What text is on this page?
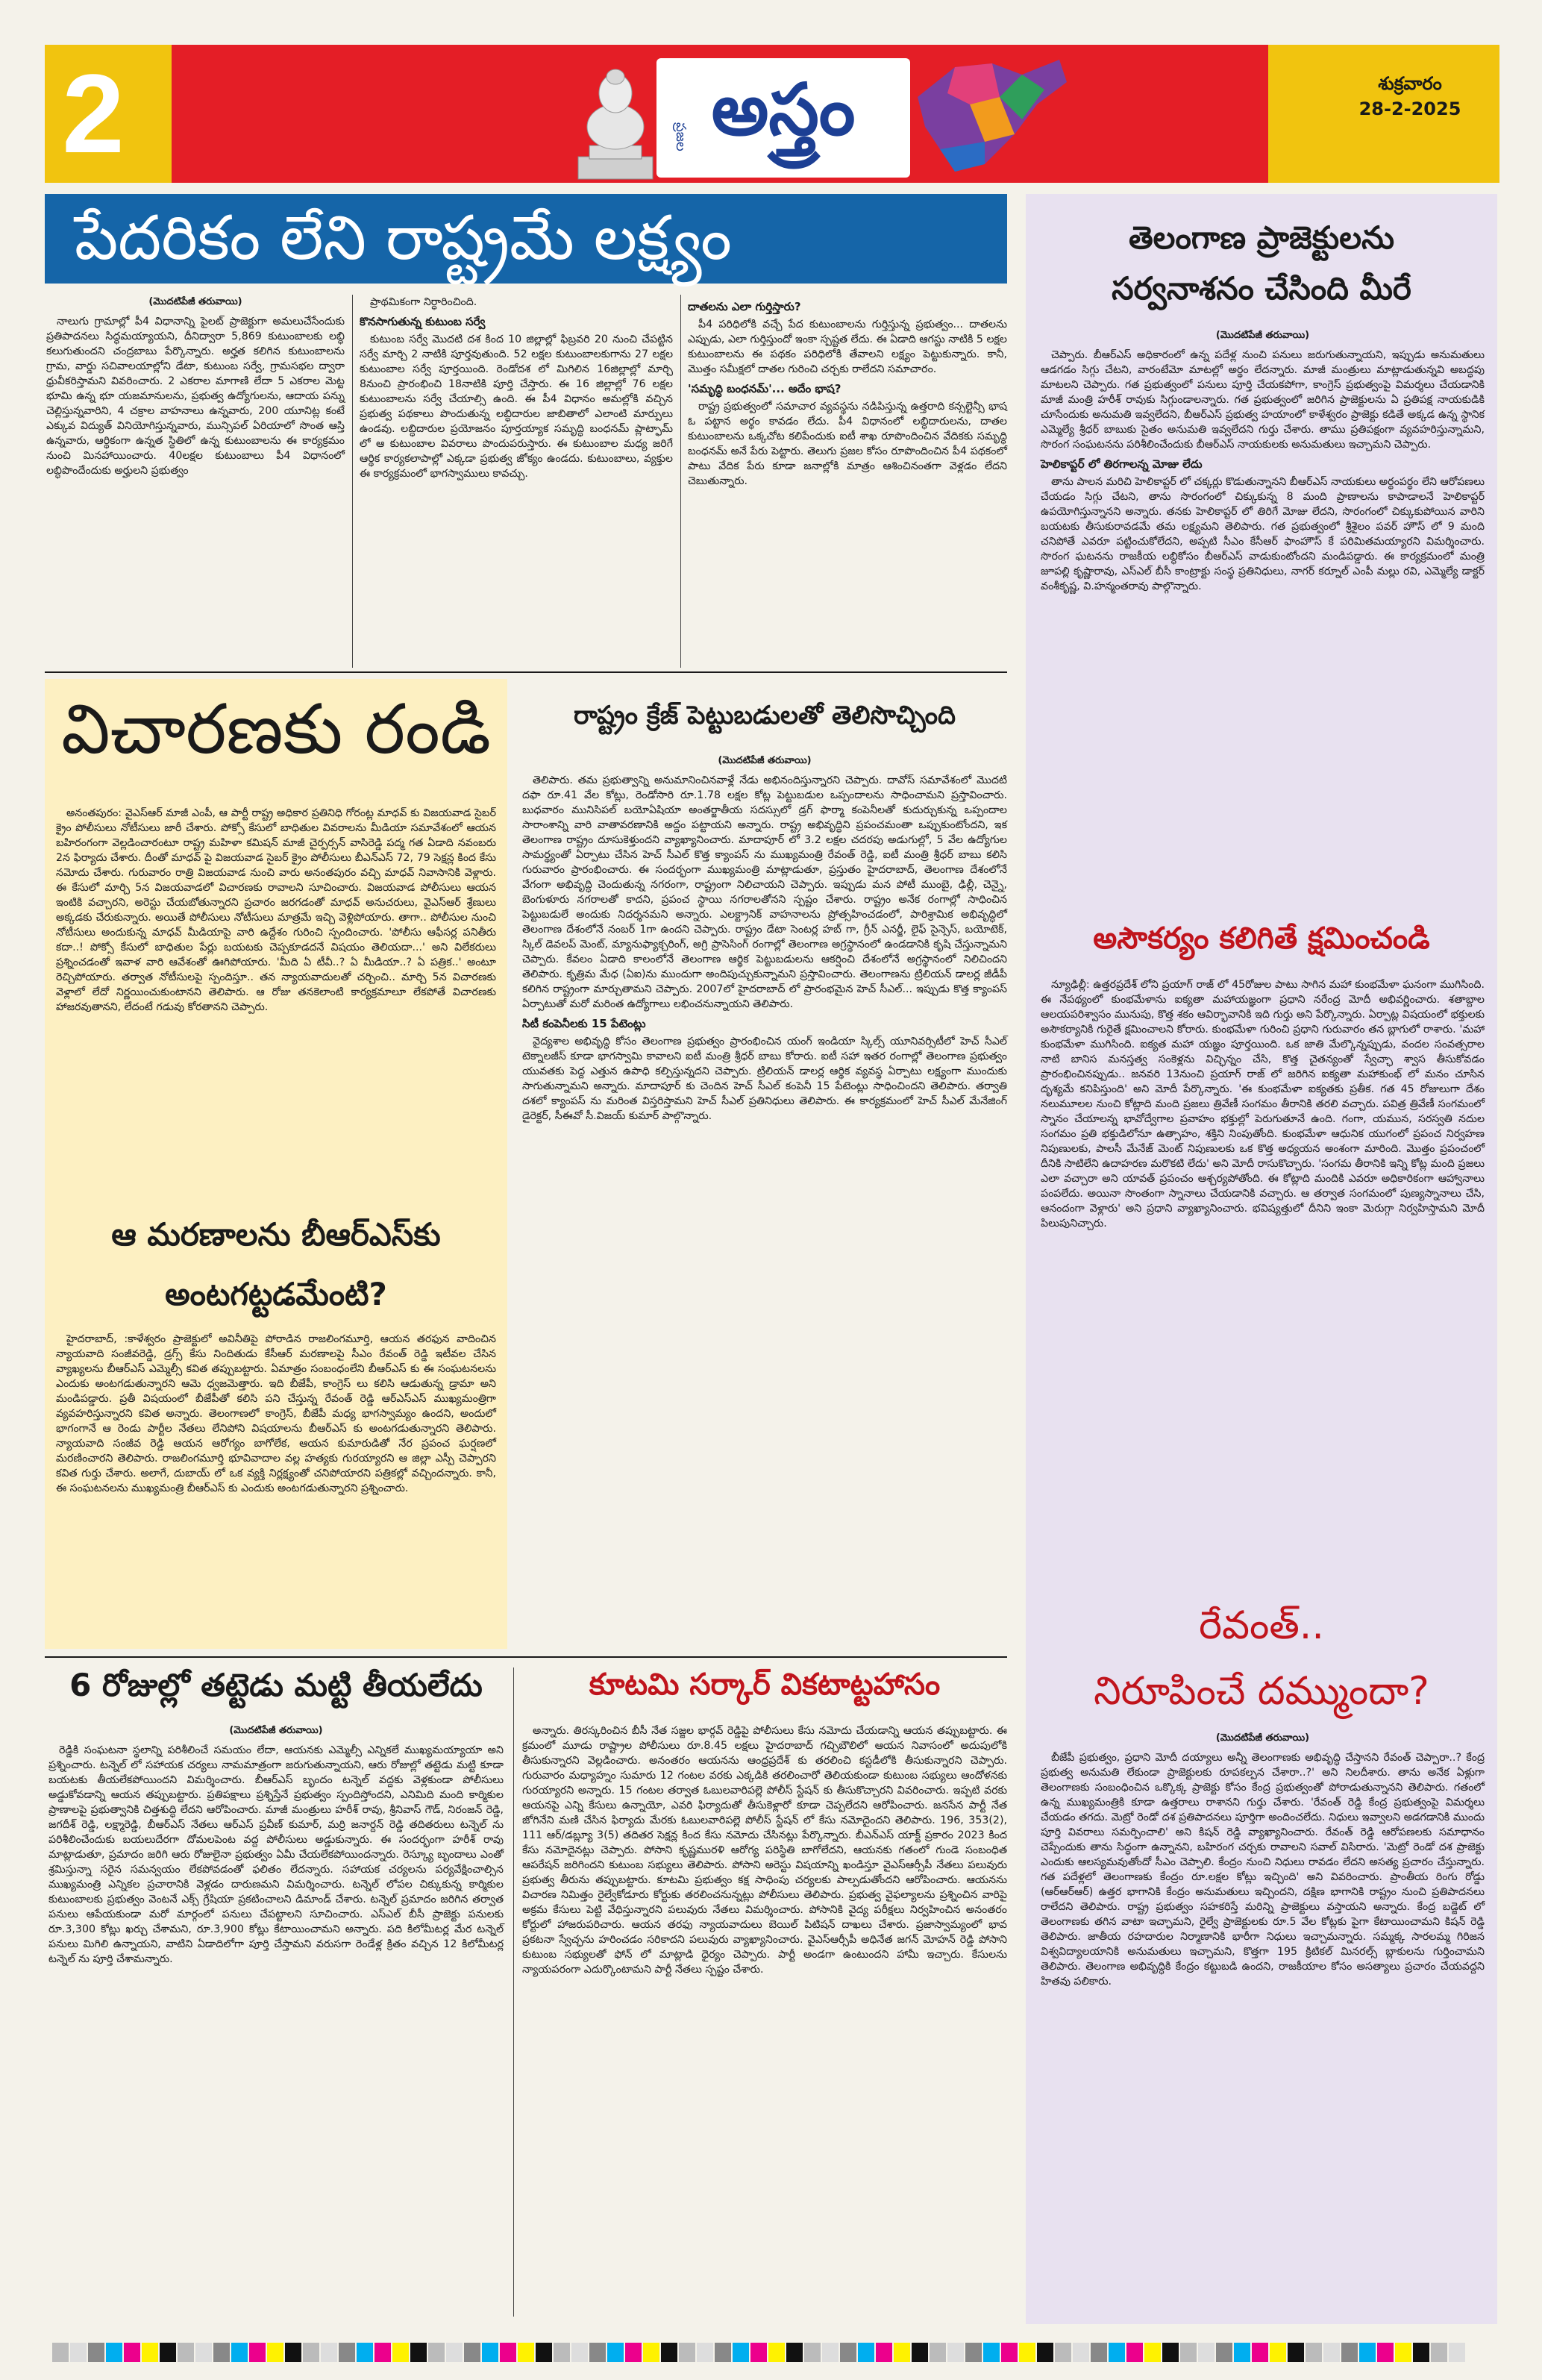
2	అస్త్రం
ప్రజల
శుక్రవారం
28-2-2025
పేదరికం లేని రాష్ట్రమే లక్ష్యం
(మొదటిపేజీ తరువాయి)

నాలుగు గ్రామాల్లో పీ4 విధానాన్ని పైలట్ ప్రాజెక్టుగా అమలుచేసేందుకు ప్రతిపాదనలు సిద్ధమయ్యాయని, దీనిద్వారా 5,869 కుటుంబాలకు లబ్ధి కలుగుతుందని చంద్రబాబు పేర్కొన్నారు. అర్హత కలిగిన కుటుంబాలను గ్రామ, వార్డు సచివాలయాల్లోని డేటా, కుటుంబ సర్వే, గ్రామసభల ద్వారా ధ్రువీకరిస్తామని వివరించారు. 2 ఎకరాల మాగాణి లేదా 5 ఎకరాల మెట్ట భూమి ఉన్న భూ యజమానులను, ప్రభుత్వ ఉద్యోగులను, ఆదాయ పన్ను చెల్లిస్తున్నవారిని, 4 చక్రాల వాహనాలు ఉన్నవారు, 200 యూనిట్ల కంటే ఎక్కువ విద్యుత్ వినియోగిస్తున్నవారు, మున్సిపల్ ఏరియాలో సొంత ఆస్తి ఉన్నవారు, ఆర్థికంగా ఉన్నత స్థితిలో ఉన్న కుటుంబాలను ఈ కార్యక్రమం నుంచి మినహాయించారు. 40లక్షల కుటుంబాలు పీ4 విధానంలో లబ్ధిపొందేందుకు అర్హులని ప్రభుత్వం

ప్రాథమికంగా నిర్ధారించింది.

కొనసాగుతున్న కుటుంబ సర్వే

కుటుంబ సర్వే మొదటి దశ కింద 10 జిల్లాల్లో ఫిబ్రవరి 20 నుంచి చేపట్టిన సర్వే మార్చి 2 నాటికి పూర్తవుతుంది. 52 లక్షల కుటుంబాలకుగాను 27 లక్షల కుటుంబాల సర్వే పూర్తయింది. రెండోదశ లో మిగిలిన 16జిల్లాల్లో మార్చి 8నుంచి ప్రారంభించి 18నాటికి పూర్తి చేస్తారు. ఈ 16 జిల్లాల్లో 76 లక్షల కుటుంబాలను సర్వే చేయాల్సి ఉంది. ఈ పీ4 విధానం అమల్లోకి వచ్చిన ప్రభుత్వ పథకాలు పొందుతున్న లబ్ధిదారుల జాబితాలో ఎలాంటి మార్పులు ఉండవు. లబ్ధిదారుల ప్రయోజనం పూర్తయ్యాక సమృద్ధి బంధనమ్ ప్లాట్ఫామ్ లో ఆ కుటుంబాల వివరాలు పొందుపరుస్తారు. ఈ కుటుంబాల మధ్య జరిగే ఆర్థిక కార్యకలాపాల్లో ఎక్కడా ప్రభుత్వ జోక్యం ఉండదు. కుటుంబాలు, వ్యక్తుల ఈ కార్యక్రమంలో భాగస్వాములు కావచ్చు.

దాతలను ఎలా గుర్తిస్తారు?

పీ4 పరిధిలోకి వచ్చే పేద కుటుంబాలను గుర్తిస్తున్న ప్రభుత్వం... దాతలను ఎప్పుడు, ఎలా గుర్తిస్తుందో ఇంకా స్పష్టత లేదు. ఈ ఏడాది ఆగస్టు నాటికి 5 లక్షల కుటుంబాలను ఈ పథకం పరిధిలోకి తేవాలని లక్ష్యం పెట్టుకున్నారు. కానీ, మొత్తం సమీక్షలో దాతల గురించి చర్చకు రాలేదని సమాచారం.

'సమృద్ధి బంధనమ్'... అదేం భాష?

రాష్ట్ర ప్రభుత్వంలో సమాచార వ్యవస్థను నడిపిస్తున్న ఉత్తరాది కన్సల్టెన్సీ భాష ఓ పట్టాన అర్థం కావడం లేదు. పీ4 విధానంలో లబ్ధిదారులను, దాతల కుటుంబాలను ఒక్కచోట కలిపేందుకు ఐటీ శాఖ రూపొందించిన వేదికకు సమృద్ధి బంధనమ్ అనే పేరు పెట్టారు. తెలుగు ప్రజల కోసం రూపొందించిన పీ4 పథకంలో పాటు వేదిక పేరు కూడా జనాల్లోకి మాత్రం ఆశించినంతగా వెళ్లడం లేదని చెబుతున్నారు.

విచారణకు రండి

అనంతపురం: వైఎస్ఆర్ మాజీ ఎంపీ, ఆ పార్టీ రాష్ట్ర అధికార ప్రతినిధి గోరంట్ల మాధవ్ కు విజయవాడ సైబర్ క్రైం పోలీసులు నోటీసులు జారీ చేశారు. పోక్సో కేసులో బాధితుల వివరాలను మీడియా సమావేశంలో ఆయన బహిరంగంగా వెల్లడించారంటూ రాష్ట్ర మహిళా కమిషన్ మాజీ చైర్పర్సన్ వాసిరెడ్డి పద్మ గత ఏడాది నవంబరు 2న ఫిర్యాదు చేశారు. దీంతో మాధవ్ పై విజయవాడ సైబర్ క్రైం పోలీసులు బీఎన్ఎస్ 72, 79 సెక్షన్ల కింద కేసు నమోదు చేశారు. గురువారం రాత్రి విజయవాడ నుంచి వారు అనంతపురం వచ్చి మాధవ్ నివాసానికి వెళ్లారు. ఈ కేసులో మార్చి 5న విజయవాడలో విచారణకు రావాలని సూచించారు. విజయవాడ పోలీసులు ఆయన ఇంటికి వచ్చారని, అరెస్టు చేయబోతున్నారని ప్రచారం జరగడంతో మాధవ్ అనుచరులు, వైఎస్ఆర్ శ్రేణులు అక్కడకు చేరుకున్నారు. అయితే పోలీసులు నోటీసులు మాత్రమే ఇచ్చి వెళ్లిపోయారు. తాగా.. పోలీసుల నుంచి నోటీసులు అందుకున్న మాధవ్ మీడియాపై వారి ఉద్దేశం గురించి స్పందించారు. 'పోలీసు ఆఫీసర్ల పనితీరు కదా..! పోక్సో కేసులో బాధితుల పేర్లు బయటకు చెప్పకూడదనే విషయం తెలియదా...' అని విలేకరులు ప్రశ్నించడంతో ఇవాళ వారి ఆవేశంతో ఊగిపోయారు. 'మీది ఏ టీవీ..? ఏ మీడియా..? ఏ పత్రిక..' అంటూ రెచ్చిపోయారు. తర్వాత నోటీసులపై స్పందిస్తూ.. తన న్యాయవాదులతో చర్చించి.. మార్చి 5న విచారణకు వెళ్లాలో లేదో నిర్ణయించుకుంటానని తెలిపారు. ఆ రోజు తనకెలాంటి కార్యక్రమాలూ లేకపోతే విచారణకు హాజరవుతానని, లేదంటే గడువు కోరతానని చెప్పారు.

ఆ మరణాలను బీఆర్ఎస్‌కు
అంటగట్టడమేంటి?

హైదరాబాద్, :కాళేశ్వరం ప్రాజెక్టులో అవినీతిపై పోరాడిన రాజలింగమూర్తి, ఆయన తరఫున వాదించిన న్యాయవాది సంజీవరెడ్డి, డ్రగ్స్ కేసు నిందితుడు కేసీఆర్ మరణాలపై సీఎం రేవంత్ రెడ్డి ఇటీవల చేసిన వ్యాఖ్యలను బీఆర్ఎస్ ఎమ్మెల్సీ కవిత తప్పుబట్టారు. ఏమాత్రం సంబంధంలేని బీఆర్ఎస్ కు ఈ సంఘటనలను ఎందుకు అంటగడుతున్నారని ఆమె ధ్వజమెత్తారు. ఇది బీజేపీ, కాంగ్రెస్ లు కలిసి ఆడుతున్న డ్రామా అని మండిపడ్డారు. ప్రతీ విషయంలో బీజేపీతో కలిసి పని చేస్తున్న రేవంత్ రెడ్డి ఆర్ఎస్ఎస్ ముఖ్యమంత్రిగా వ్యవహరిస్తున్నారని కవిత అన్నారు. తెలంగాణలో కాంగ్రెస్, బీజేపీ మధ్య భాగస్వామ్యం ఉందని, అందులో భాగంగానే ఆ రెండు పార్టీల నేతలు లేనిపోని విషయాలను బీఆర్ఎస్ కు అంటగడుతున్నారని తెలిపారు. న్యాయవాది సంజీవ రెడ్డి ఆయన ఆరోగ్యం బాగోలేక, ఆయన కుమారుడితో నేర ప్రపంచ ఘర్షణలో మరణించారని తెలిపారు. రాజలింగమూర్తి భూవివాదాల వల్ల హత్యకు గురయ్యారని ఆ జిల్లా ఎస్పీ చెప్పారని కవిత గుర్తు చేశారు. అలాగే, దుబాయ్ లో ఒక వ్యక్తి నిర్లక్ష్యంతో చనిపోయారని పత్రికల్లో వచ్చిందన్నారు. కానీ, ఈ సంఘటనలను ముఖ్యమంత్రి బీఆర్ఎస్ కు ఎందుకు అంటగడుతున్నారని ప్రశ్నించారు.

రాష్ట్రం క్రేజ్ పెట్టుబడులతో తెలిసొచ్చింది
(మొదటిపేజీ తరువాయి)

తెలిపారు. తమ ప్రభుత్వాన్ని అనుమానించినవాళ్లే నేడు అభినందిస్తున్నారని చెప్పారు. దావోస్ సమావేశంలో మొదటి దఫా రూ.41 వేల కోట్లు, రెండోసారి రూ.1.78 లక్షల కోట్ల పెట్టుబడుల ఒప్పందాలను సాధించామని ప్రస్తావించారు. బుధవారం మునిసిపల్ బయోఏషియా అంతర్జాతీయ సదస్సులో డ్రగ్ ఫార్మా కంపెనీలతో కుదుర్చుకున్న ఒప్పందాల సారాంశాన్ని వారి వాతావరణానికి అద్దం పట్టాయని అన్నారు. రాష్ట్ర అభివృద్ధిని ప్రపంచమంతా ఒప్పుకుంటోందని, ఇక తెలంగాణ రాష్ట్రం దూసుకెళ్తుందని వ్యాఖ్యానించారు. మాదాపూర్ లో 3.2 లక్షల చదరపు అడుగుల్లో, 5 వేల ఉద్యోగుల సామర్థ్యంతో ఏర్పాటు చేసిన హెచ్ సీఎల్ కొత్త క్యాంపస్ ను ముఖ్యమంత్రి రేవంత్ రెడ్డి, ఐటీ మంత్రి శ్రీధర్ బాబు కలిసి గురువారం ప్రారంభించారు. ఈ సందర్భంగా ముఖ్యమంత్రి మాట్లాడుతూ, ప్రస్తుతం హైదరాబాద్, తెలంగాణ దేశంలోనే వేగంగా అభివృద్ధి చెందుతున్న నగరంగా, రాష్ట్రంగా నిలిచాయని చెప్పారు. ఇప్పుడు మన పోటీ ముంబై, ఢిల్లీ, చెన్నై, బెంగుళూరు నగరాలతో కాదని, ప్రపంచ స్థాయి నగరాలతోనని స్పష్టం చేశారు. రాష్ట్రం అనేక రంగాల్లో సాధించిన పెట్టుబడులే అందుకు నిదర్శనమని అన్నారు. ఎలక్ట్రానిక్ వాహనాలను ప్రోత్సహించడంలో, పారిశ్రామిక అభివృద్ధిలో తెలంగాణ దేశంలోనే నంబర్ 1గా ఉందని చెప్పారు. రాష్ట్రం డేటా సెంటర్ల హబ్ గా, గ్రీన్ ఎనర్జీ, లైఫ్ సైన్సెస్, బయోటెక్, స్కిల్ డెవలప్ మెంట్, మ్యానుఫ్యాక్చరింగ్, అగ్రి ప్రాసెసింగ్ రంగాల్లో తెలంగాణ అగ్రస్థానంలో ఉండడానికి కృషి చేస్తున్నామని చెప్పారు. కేవలం ఏడాది కాలంలోనే తెలంగాణ ఆర్థిక పెట్టుబడులను ఆకర్షించి దేశంలోనే అగ్రస్థానంలో నిలిచిందని తెలిపారు. కృత్రిమ మేధ (ఏఐ)ను ముందుగా అందిపుచ్చుకున్నామని ప్రస్తావించారు. తెలంగాణను ట్రిలియన్ డాలర్ల జీడీపీ కలిగిన రాష్ట్రంగా మార్చుతామని చెప్పారు. 2007లో హైదరాబాద్ లో ప్రారంభమైన హెచ్ సీఎల్... ఇప్పుడు కొత్త క్యాంపస్ ఏర్పాటుతో మరో మరింత ఉద్యోగాలు లభించనున్నాయని తెలిపారు.

సిటీ కంపెనీలకు 15 పేటెంట్లు

వైద్యశాల అభివృద్ధి కోసం తెలంగాణ ప్రభుత్వం ప్రారంభించిన యంగ్ ఇండియా స్కిల్స్ యూనివర్సిటీలో హెచ్ సీఎల్ టెక్నాలజీస్ కూడా భాగస్వామి కావాలని ఐటీ మంత్రి శ్రీధర్ బాబు కోరారు. ఐటీ సహా ఇతర రంగాల్లో తెలంగాణ ప్రభుత్వం యువతకు పెద్ద ఎత్తున ఉపాధి కల్పిస్తున్నదని చెప్పారు. ట్రిలియన్ డాలర్ల ఆర్థిక వ్యవస్థ ఏర్పాటు లక్ష్యంగా ముందుకు సాగుతున్నామని అన్నారు. మాదాపూర్ కు చెందిన హెచ్ సీఎల్ కంపెనీ 15 పేటెంట్లు సాధించిందని తెలిపారు. తర్వాతి దశలో క్యాంపస్ ను మరింత విస్తరిస్తామని హెచ్ సీఎల్ ప్రతినిధులు తెలిపారు. ఈ కార్యక్రమంలో హెచ్ సీఎల్ మేనేజింగ్ డైరెక్టర్, సీఈవో సీ.విజయ్ కుమార్ పాల్గొన్నారు.

6 రోజుల్లో తట్టెడు మట్టి తీయలేదు
(మొదటిపేజీ తరువాయి)

రెడ్డికి సంఘటనా స్థలాన్ని పరిశీలించే సమయం లేదా, ఆయనకు ఎమ్మెల్సీ ఎన్నికలే ముఖ్యమయ్యాయా అని ప్రశ్నించారు. టన్నెల్ లో సహాయక చర్యలు నామమాత్రంగా జరుగుతున్నాయని, ఆరు రోజుల్లో తట్టెడు మట్టి కూడా బయటకు తీయలేకపోయిందని విమర్శించారు. బీఆర్ఎస్ బృందం టన్నెల్ వద్దకు వెళ్లకుండా పోలీసులు అడ్డుకోవడాన్ని ఆయన తప్పుబట్టారు. ప్రతిపక్షాలు ప్రశ్నిస్తేనే ప్రభుత్వం స్పందిస్తోందని, ఎనిమిది మంది కార్మికుల ప్రాణాలపై ప్రభుత్వానికి చిత్తశుద్ధి లేదని ఆరోపించారు. మాజీ మంత్రులు హరీశ్ రావు, శ్రీనివాస్ గౌడ్, నిరంజన్ రెడ్డి, జగదీశ్ రెడ్డి, లక్ష్మారెడ్డి, బీఆర్ఎస్ నేతలు ఆర్ఎస్ ప్రవీణ్ కుమార్, మర్రి జనార్దన్ రెడ్డి తదితరులు టన్నెల్ ను పరిశీలించేందుకు బయలుదేరగా దోమలపెంట వద్ద పోలీసులు అడ్డుకున్నారు. ఈ సందర్భంగా హరీశ్ రావు మాట్లాడుతూ, ప్రమాదం జరిగి ఆరు రోజులైనా ప్రభుత్వం ఏమీ చేయలేకపోయిందన్నారు. రెస్క్యూ బృందాలు ఎంతో శ్రమిస్తున్నా సరైన సమన్వయం లేకపోవడంతో ఫలితం లేదన్నారు. సహాయక చర్యలను పర్యవేక్షించాల్సిన ముఖ్యమంత్రి ఎన్నికల ప్రచారానికి వెళ్లడం దారుణమని విమర్శించారు. టన్నెల్ లోపల చిక్కుకున్న కార్మికుల కుటుంబాలకు ప్రభుత్వం వెంటనే ఎక్స్ గ్రేషియా ప్రకటించాలని డిమాండ్ చేశారు. టన్నెల్ ప్రమాదం జరిగిన తర్వాత పనులు ఆపేయకుండా మరో మార్గంలో పనులు చేపట్టాలని సూచించారు. ఎస్ఎల్ బీసీ ప్రాజెక్టు పనులకు రూ.3,300 కోట్లు ఖర్చు చేశామని, రూ.3,900 కోట్లు కేటాయించామని అన్నారు. పది కిలోమీటర్ల మేర టన్నెల్ పనులు మిగిలి ఉన్నాయని, వాటిని ఏడాదిలోగా పూర్తి చేస్తామని వరుసగా రెండేళ్ల క్రితం వచ్చిన 12 కిలోమీటర్ల టన్నెల్ ను పూర్తి చేశామన్నారు.

కూటమి సర్కార్ వికటాట్టహాసం

అన్నారు. తిరస్కరించిన బీసీ నేత సజ్జల భార్గవ్ రెడ్డిపై పోలీసులు కేసు నమోదు చేయడాన్ని ఆయన తప్పుబట్టారు. ఈ క్రమంలో మూడు రాష్ట్రాల పోలీసులు రూ.8.45 లక్షలు హైదరాబాద్ గచ్చిబౌలిలో ఆయన నివాసంలో అదుపులోకి తీసుకున్నారని వెల్లడించారు. అనంతరం ఆయనను ఆంధ్రప్రదేశ్ కు తరలించి కస్టడీలోకి తీసుకున్నారని చెప్పారు. గురువారం మధ్యాహ్నం సుమారు 12 గంటల వరకు ఎక్కడికి తరలించారో తెలియకుండా కుటుంబ సభ్యులు ఆందోళనకు గురయ్యారని అన్నారు. 15 గంటల తర్వాత ఓబులవారిపల్లె పోలీస్ స్టేషన్ కు తీసుకొచ్చారని వివరించారు. ఇప్పటి వరకు ఆయనపై ఎన్ని కేసులు ఉన్నాయో, ఎవరి ఫిర్యాదుతో తీసుకెళ్లారో కూడా చెప్పలేదని ఆరోపించారు. జనసేన పార్టీ నేత జోగినేని మణి చేసిన ఫిర్యాదు మేరకు ఓబులవారిపల్లె పోలీస్ స్టేషన్ లో కేసు నమోదైందని తెలిపారు. 196, 353(2), 111 ఆర్/డబ్ల్యూ 3(5) తదితర సెక్షన్ల కింద కేసు నమోదు చేసినట్లు పేర్కొన్నారు. బీఎన్ఎస్ యాక్ట్ ప్రకారం 2023 కింద కేసు నమోదైనట్లు చెప్పారు. పోసాని కృష్ణమురళి ఆరోగ్య పరిస్థితి బాగోలేదని, ఆయనకు గతంలో గుండె సంబంధిత ఆపరేషన్ జరిగిందని కుటుంబ సభ్యులు తెలిపారు. పోసాని అరెస్టు విషయాన్ని ఖండిస్తూ వైఎస్ఆర్సీపీ నేతలు పలువురు ప్రభుత్వ తీరును తప్పుబట్టారు. కూటమి ప్రభుత్వం కక్ష సాధింపు చర్యలకు పాల్పడుతోందని ఆరోపించారు. ఆయనను విచారణ నిమిత్తం రైల్వేకోడూరు కోర్టుకు తరలించనున్నట్లు పోలీసులు తెలిపారు. ప్రభుత్వ వైఫల్యాలను ప్రశ్నించిన వారిపై అక్రమ కేసులు పెట్టి వేధిస్తున్నారని పలువురు నేతలు విమర్శించారు. పోసానికి వైద్య పరీక్షలు నిర్వహించిన అనంతరం కోర్టులో హాజరుపరిచారు. ఆయన తరఫు న్యాయవాదులు బెయిల్ పిటిషన్ దాఖలు చేశారు. ప్రజాస్వామ్యంలో భావ ప్రకటనా స్వేచ్ఛను హరించడం సరికాదని పలువురు వ్యాఖ్యానించారు. వైఎస్ఆర్సీపీ అధినేత జగన్ మోహన్ రెడ్డి పోసాని కుటుంబ సభ్యులతో ఫోన్ లో మాట్లాడి ధైర్యం చెప్పారు. పార్టీ అండగా ఉంటుందని హామీ ఇచ్చారు. కేసులను న్యాయపరంగా ఎదుర్కొంటామని పార్టీ నేతలు స్పష్టం చేశారు.

తెలంగాణ ప్రాజెక్టులను
సర్వనాశనం చేసింది మీరే
(మొదటిపేజీ తరువాయి)

చెప్పారు. బీఆర్ఎస్ అధికారంలో ఉన్న పదేళ్ల నుంచి పనులు జరుగుతున్నాయని, ఇప్పుడు అనుమతులు ఆడగడం సిగ్గు చేటని, వారంటేమో మాటల్లో అర్థం లేదన్నారు. మాజీ మంత్రులు మాట్లాడుతున్నవి అబద్ధపు మాటలని చెప్పారు. గత ప్రభుత్వంలో పనులు పూర్తి చేయకపోగా, కాంగ్రెస్ ప్రభుత్వంపై విమర్శలు చేయడానికి మాజీ మంత్రి హరీశ్ రావుకు సిగ్గుండాలన్నారు. గత ప్రభుత్వంలో జరిగిన ప్రాజెక్టులను ఏ ప్రతిపక్ష నాయకుడికి చూసేందుకు అనుమతి ఇవ్వలేదని, బీఆర్ఎస్ ప్రభుత్వ హయాంలో కాళేశ్వరం ప్రాజెక్టు కడితే అక్కడ ఉన్న స్థానిక ఎమ్మెల్యే శ్రీధర్ బాబుకు సైతం అనుమతి ఇవ్వలేదని గుర్తు చేశారు. తాము ప్రతిపక్షంగా వ్యవహరిస్తున్నామని, సొరంగ సంఘటనను పరిశీలించేందుకు బీఆర్ఎస్ నాయకులకు అనుమతులు ఇచ్చామని చెప్పారు.

హెలికాప్టర్ లో తిరగాలన్న మోజు లేదు

తాను పాలన మరిచి హెలికాప్టర్ లో చక్కర్లు కొడుతున్నానని బీఆర్ఎస్ నాయకులు అర్థంపర్థం లేని ఆరోపణలు చేయడం సిగ్గు చేటని, తాను సొరంగంలో చిక్కుకున్న 8 మంది ప్రాణాలను కాపాడాలనే హెలికాప్టర్ ఉపయోగిస్తున్నానని అన్నారు. తనకు హెలికాప్టర్ లో తిరిగే మోజు లేదని, సొరంగంలో చిక్కుకుపోయిన వారిని బయటకు తీసుకురావడమే తమ లక్ష్యమని తెలిపారు. గత ప్రభుత్వంలో శ్రీశైలం పవర్ హౌస్ లో 9 మంది చనిపోతే ఎవరూ పట్టించుకోలేదని, అప్పటి సీఎం కేసీఆర్ ఫాంహౌస్ కే పరిమితమయ్యారని విమర్శించారు. సొరంగ ఘటనను రాజకీయ లబ్ధికోసం బీఆర్ఎస్ వాడుకుంటోందని మండిపడ్డారు. ఈ కార్యక్రమంలో మంత్రి జూపల్లి కృష్ణారావు, ఎస్ఎల్ బీసీ కాంట్రాక్టు సంస్థ ప్రతినిధులు, నాగర్ కర్నూల్ ఎంపీ మల్లు రవి, ఎమ్మెల్యే డాక్టర్ వంశీకృష్ణ, వి.హన్మంతరావు పాల్గొన్నారు.

అసౌకర్యం కలిగితే క్షమించండి

న్యూఢిల్లీ: ఉత్తరప్రదేశ్ లోని ప్రయాగ్ రాజ్ లో 45రోజుల పాటు సాగిన మహా కుంభమేళా ఘనంగా ముగిసింది. ఈ నేపథ్యంలో కుంభమేళాను ఐక్యతా మహాయజ్ఞంగా ప్రధాని నరేంద్ర మోదీ అభివర్ణించారు. శతాబ్దాల ఆలయపరిశ్వాసం మునుపు, కొత్త శకం ఆవిర్భావానికి ఇది గుర్తు అని పేర్కొన్నారు. ఏర్పాట్ల విషయంలో భక్తులకు అసౌకర్యానికి గురైతే క్షమించాలని కోరారు. కుంభమేళా గురించి ప్రధాని గురువారం తన బ్లాగులో రాశారు. 'మహా కుంభమేళా ముగిసింది. ఐక్యత మహా యజ్ఞం పూర్తయింది. ఒక జాతి మేల్కొన్నప్పుడు, వందల సంవత్సరాల నాటి బానిస మనస్తత్వ సంకెళ్లను విచ్ఛిన్నం చేసి, కొత్త చైతన్యంతో స్వేచ్ఛా శ్వాస తీసుకోవడం ప్రారంభించినప్పుడు.. జనవరి 13నుంచి ప్రయాగ్ రాజ్ లో జరిగిన ఐక్యతా మహాకుంభ్ లో మనం చూసిన దృశ్యమే కనిపిస్తుంది' అని మోదీ పేర్కొన్నారు. 'ఈ కుంభమేళా ఐక్యతకు ప్రతీక. గత 45 రోజులుగా దేశం నలుమూలల నుంచి కోట్లాది మంది ప్రజలు త్రివేణీ సంగమం తీరానికి తరలి వచ్చారు. పవిత్ర త్రివేణీ సంగమంలో స్నానం చేయాలన్న భావోద్వేగాల ప్రవాహం భక్తుల్లో పెరుగుతూనే ఉంది. గంగా, యమున, సరస్వతి నదుల సంగమం ప్రతి భక్తుడిలోనూ ఉత్సాహం, శక్తిని నింపుతోంది. కుంభమేళా ఆధునిక యుగంలో ప్రపంచ నిర్వహణ నిపుణులకు, పాలసీ మేనేజ్ మెంట్ నిపుణులకు ఒక కొత్త అధ్యయన అంశంగా మారింది. మొత్తం ప్రపంచంలో దీనికి సాటిలేని ఉదాహరణ మరొకటి లేదు' అని మోదీ రాసుకొచ్చారు. 'సంగమ తీరానికి ఇన్ని కోట్ల మంది ప్రజలు ఎలా వచ్చారా అని యావత్ ప్రపంచం ఆశ్చర్యపోతోంది. ఈ కోట్లాది మందికి ఎవరూ అధికారికంగా ఆహ్వానాలు పంపలేదు. అయినా సొంతంగా స్నానాలు చేయడానికి వచ్చారు. ఆ తర్వాత సంగమంలో పుణ్యస్నానాలు చేసి, ఆనందంగా వెళ్లారు' అని ప్రధాని వ్యాఖ్యానించారు. భవిష్యత్తులో దీనిని ఇంకా మెరుగ్గా నిర్వహిస్తామని మోదీ పిలుపునిచ్చారు.

రేవంత్..
నిరూపించే దమ్ముందా?
(మొదటిపేజీ తరువాయి)

బీజేపీ ప్రభుత్వం, ప్రధాని మోదీ దయ్యాలు అన్నీ తెలంగాణకు అభివృద్ధి చేస్తానని రేవంత్ చెప్పారా..? కేంద్ర ప్రభుత్వ అనుమతి లేకుండా ప్రాజెక్టులకు రూపకల్పన చేశారా..?' అని నిలదీశారు. తాను అనేక ఏళ్లుగా తెలంగాణకు సంబంధించిన ఒక్కొక్క ప్రాజెక్టు కోసం కేంద్ర ప్రభుత్వంతో పోరాడుతున్నానని తెలిపారు. గతంలో ఉన్న ముఖ్యమంత్రికి కూడా ఉత్తరాలు రాశానని గుర్తు చేశారు. 'రేవంత్ రెడ్డి కేంద్ర ప్రభుత్వంపై విమర్శలు చేయడం తగదు. మెట్రో రెండో దశ ప్రతిపాదనలు పూర్తిగా అందించలేదు. నిధులు ఇవ్వాలని అడగడానికి ముందు పూర్తి వివరాలు సమర్పించాలి' అని కిషన్ రెడ్డి వ్యాఖ్యానించారు. రేవంత్ రెడ్డి ఆరోపణలకు సమాధానం చెప్పేందుకు తాను సిద్ధంగా ఉన్నానని, బహిరంగ చర్చకు రావాలని సవాల్ విసిరారు. 'మెట్రో రెండో దశ ప్రాజెక్టు ఎందుకు ఆలస్యమవుతోందో సీఎం చెప్పాలి. కేంద్రం నుంచి నిధులు రావడం లేదని అసత్య ప్రచారం చేస్తున్నారు. గత పదేళ్లలో తెలంగాణకు కేంద్రం రూ.లక్షల కోట్లు ఇచ్చింది' అని వివరించారు. ప్రాంతీయ రింగు రోడ్డు (ఆర్ఆర్ఆర్) ఉత్తర భాగానికి కేంద్రం అనుమతులు ఇచ్చిందని, దక్షిణ భాగానికి రాష్ట్రం నుంచి ప్రతిపాదనలు రాలేదని తెలిపారు. రాష్ట్ర ప్రభుత్వం సహకరిస్తే మరిన్ని ప్రాజెక్టులు వస్తాయని అన్నారు. కేంద్ర బడ్జెట్ లో తెలంగాణకు తగిన వాటా ఇచ్చామని, రైల్వే ప్రాజెక్టులకు రూ.5 వేల కోట్లకు పైగా కేటాయించామని కిషన్ రెడ్డి తెలిపారు. జాతీయ రహదారుల నిర్మాణానికి భారీగా నిధులు ఇచ్చామన్నారు. సమ్మక్క సారలమ్మ గిరిజన విశ్వవిద్యాలయానికి అనుమతులు ఇచ్చామని, కొత్తగా 195 క్రిటికల్ మినరల్స్ బ్లాకులను గుర్తించామని తెలిపారు. తెలంగాణ అభివృద్ధికి కేంద్రం కట్టుబడి ఉందని, రాజకీయాల కోసం అసత్యాలు ప్రచారం చేయవద్దని హితవు పలికారు.
